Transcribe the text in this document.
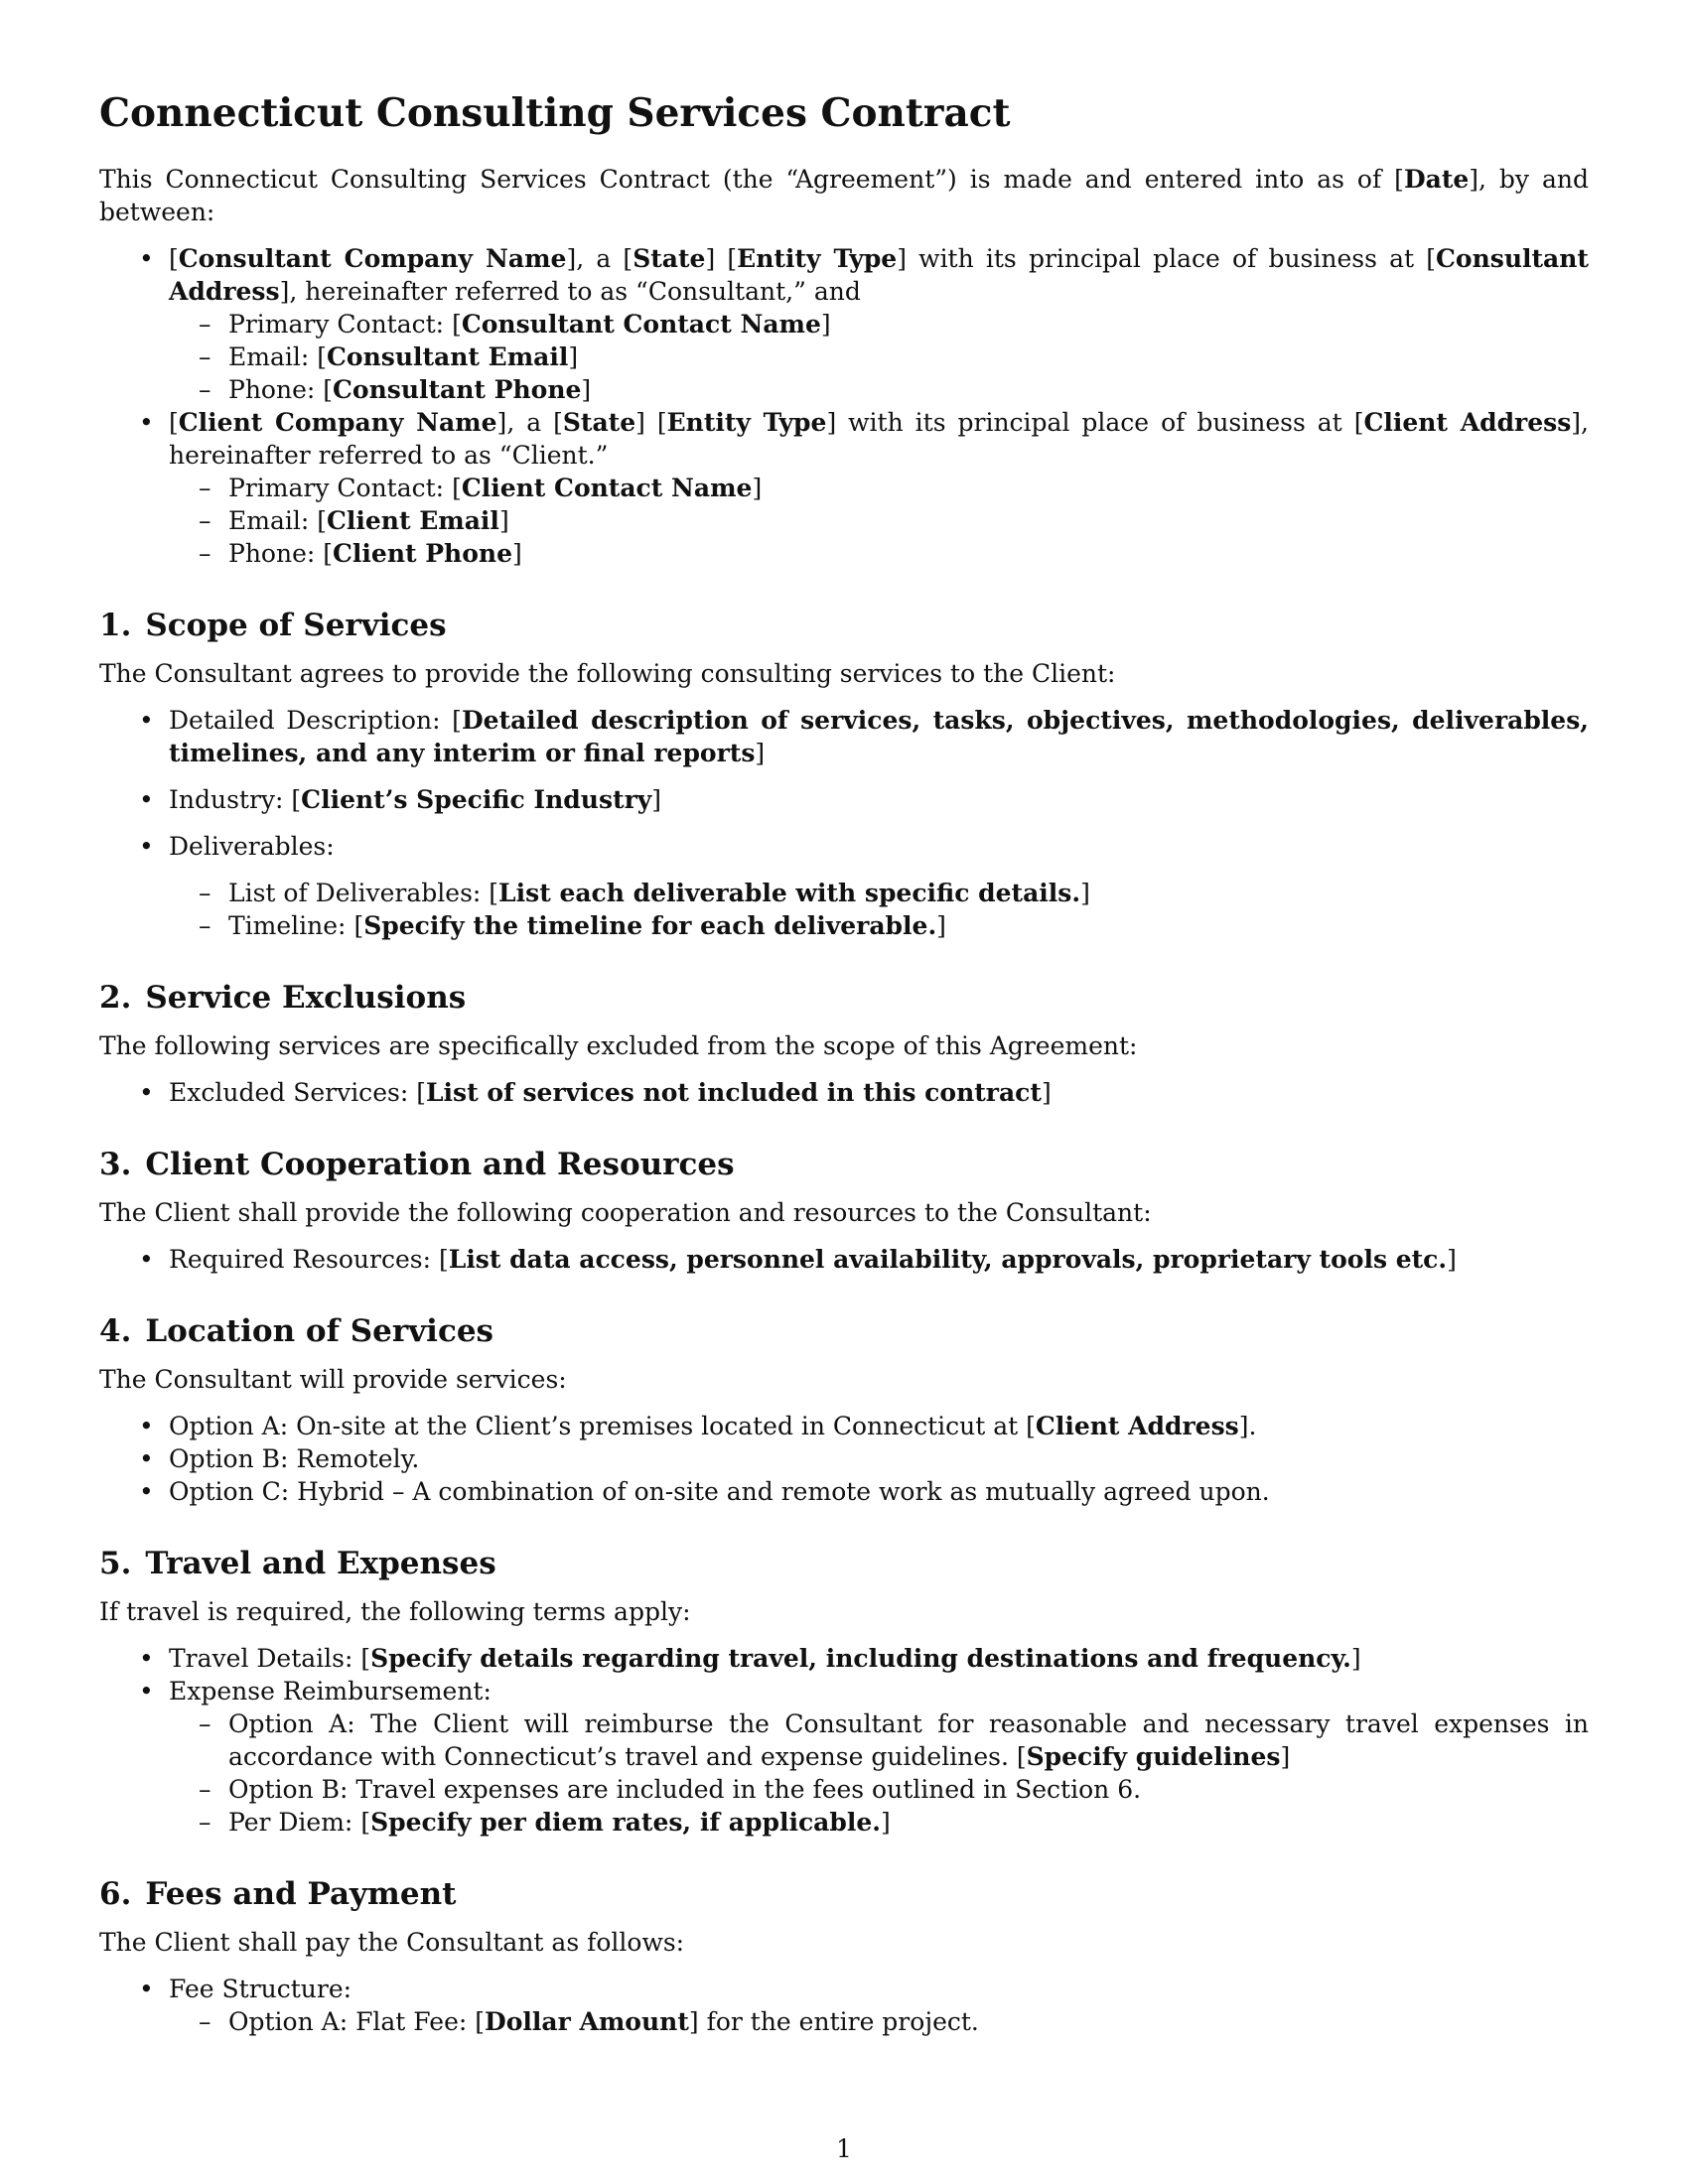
Connecticut Consulting Services Contract

This Connecticut Consulting Services Contract (the “Agreement”) is made and entered into as of [Date], by and between:

• [Consultant Company Name], a [State] [Entity Type] with its principal place of business at [Consultant Address], hereinafter referred to as “Consultant,” and
– Primary Contact: [Consultant Contact Name]
– Email: [Consultant Email]
– Phone: [Consultant Phone]
• [Client Company Name], a [State] [Entity Type] with its principal place of business at [Client Address], hereinafter referred to as “Client.”
– Primary Contact: [Client Contact Name]
– Email: [Client Email]
– Phone: [Client Phone]
1. Scope of Services

The Consultant agrees to provide the following consulting services to the Client:

• Detailed Description: [Detailed description of services, tasks, objectives, methodologies, deliverables, timelines, and any interim or final reports]
• Industry: [Client’s Specific Industry]
• Deliverables:
– List of Deliverables: [List each deliverable with specific details.]
– Timeline: [Specify the timeline for each deliverable.]
2. Service Exclusions

The following services are specifically excluded from the scope of this Agreement:

• Excluded Services: [List of services not included in this contract]
3. Client Cooperation and Resources

The Client shall provide the following cooperation and resources to the Consultant:

• Required Resources: [List data access, personnel availability, approvals, proprietary tools etc.]
4. Location of Services

The Consultant will provide services:

• Option A: On-site at the Client’s premises located in Connecticut at [Client Address].
• Option B: Remotely.
• Option C: Hybrid – A combination of on-site and remote work as mutually agreed upon.
5. Travel and Expenses

If travel is required, the following terms apply:

• Travel Details: [Specify details regarding travel, including destinations and frequency.]
• Expense Reimbursement:
– Option A: The Client will reimburse the Consultant for reasonable and necessary travel expenses in accordance with Connecticut’s travel and expense guidelines. [Specify guidelines]
– Option B: Travel expenses are included in the fees outlined in Section 6.
– Per Diem: [Specify per diem rates, if applicable.]
6. Fees and Payment

The Client shall pay the Consultant as follows:

• Fee Structure:
– Option A: Flat Fee: [Dollar Amount] for the entire project.
1
